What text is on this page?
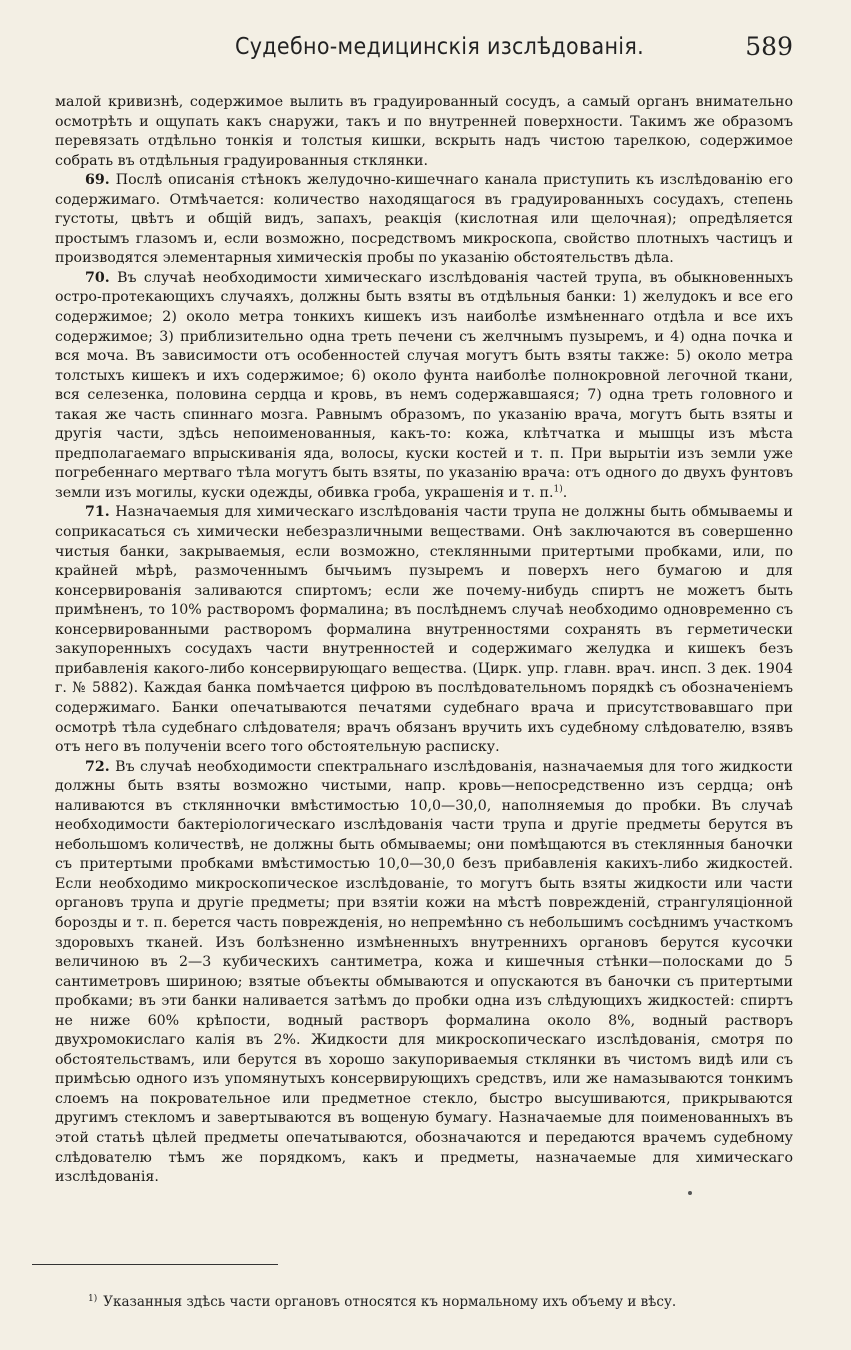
Судебно-медицинскія изслѣдованія.	589

малой кривизнѣ, содержимое вылить въ градуированный сосудъ, а самый органъ внимательно осмотрѣть и ощупать какъ снаружи, такъ и по внутренней поверхности. Такимъ же образомъ перевязать отдѣльно тонкія и толстыя кишки, вскрыть надъ чистою тарелкою, содержимое собрать въ отдѣльныя градуированныя стклянки.

69. Послѣ описанія стѣнокъ желудочно-кишечнаго канала приступить къ изслѣдованію его содержимаго. Отмѣчается: количество находящагося въ градуированныхъ сосудахъ, степень густоты, цвѣтъ и общій видъ, запахъ, реакція (кислотная или щелочная); опредѣляется простымъ глазомъ и, если возможно, посредствомъ микроскопа, свойство плотныхъ частицъ и производятся элементарныя химическія пробы по указанію обстоятельствъ дѣла.

70. Въ случаѣ необходимости химическаго изслѣдованія частей трупа, въ обыкновенныхъ остро-протекающихъ случаяхъ, должны быть взяты въ отдѣльныя банки: 1) желудокъ и все его содержимое; 2) около метра тонкихъ кишекъ изъ наиболѣе измѣненнаго отдѣла и все ихъ содержимое; 3) приблизительно одна треть печени съ желчнымъ пузыремъ, и 4) одна почка и вся моча. Въ зависимости отъ особенностей случая могутъ быть взяты также: 5) около метра толстыхъ кишекъ и ихъ содержимое; 6) около фунта наиболѣе полнокровной легочной ткани, вся селезенка, половина сердца и кровь, въ немъ содержавшаяся; 7) одна треть головного и такая же часть спиннаго мозга. Равнымъ образомъ, по указанію врача, могутъ быть взяты и другія части, здѣсь непоименованныя, какъ-то: кожа, клѣтчатка и мышцы изъ мѣста предполагаемаго впрыскиванія яда, волосы, куски костей и т. п. При вырытіи изъ земли уже погребеннаго мертваго тѣла могутъ быть взяты, по указанію врача: отъ одного до двухъ фунтовъ земли изъ могилы, куски одежды, обивка гроба, украшенія и т. п.$^{1)}$.

71. Назначаемыя для химическаго изслѣдованія части трупа не должны быть обмываемы и соприкасаться съ химически небезразличными веществами. Онѣ заключаются въ совершенно чистыя банки, закрываемыя, если возможно, стеклянными притертыми пробками, или, по крайней мѣрѣ, размоченнымъ бычьимъ пузыремъ и поверхъ него бумагою и для консервированія заливаются спиртомъ; если же почему-нибудь спиртъ не можетъ быть примѣненъ, то 10% растворомъ формалина; въ послѣднемъ случаѣ необходимо одновременно съ консервированными растворомъ формалина внутренностями сохранять въ герметически закупоренныхъ сосудахъ части внутренностей и содержимаго желудка и кишекъ безъ прибавленія какого-либо консервирующаго вещества. (Цирк. упр. главн. врач. инсп. 3 дек. 1904 г. № 5882). Каждая банка помѣчается цифрою въ послѣдовательномъ порядкѣ съ обозначеніемъ содержимаго. Банки опечатываются печатями судебнаго врача и присутствовавшаго при осмотрѣ тѣла судебнаго слѣдователя; врачъ обязанъ вручить ихъ судебному слѣдователю, взявъ отъ него въ полученіи всего того обстоятельную расписку.

72. Въ случаѣ необходимости спектральнаго изслѣдованія, назначаемыя для того жидкости должны быть взяты возможно чистыми, напр. кровь—непосредственно изъ сердца; онѣ наливаются въ стклянночки вмѣстимостью 10,0—30,0, наполняемыя до пробки. Въ случаѣ необходимости бактеріологическаго изслѣдованія части трупа и другіе предметы берутся въ небольшомъ количествѣ, не должны быть обмываемы; они помѣщаются въ стеклянныя баночки съ притертыми пробками вмѣстимостью 10,0—30,0 безъ прибавленія какихъ-либо жидкостей. Если необходимо микроскопическое изслѣдованіе, то могутъ быть взяты жидкости или части органовъ трупа и другіе предметы; при взятіи кожи на мѣстѣ поврежденій, странгуляціонной борозды и т. п. берется часть поврежденія, но непремѣнно съ небольшимъ сосѣднимъ участкомъ здоровыхъ тканей. Изъ болѣзненно измѣненныхъ внутреннихъ органовъ берутся кусочки величиною въ 2—3 кубическихъ сантиметра, кожа и кишечныя стѣнки—полосками до 5 сантиметровъ шириною; взятые объекты обмываются и опускаются въ баночки съ притертыми пробками; въ эти банки наливается затѣмъ до пробки одна изъ слѣдующихъ жидкостей: спиртъ не ниже 60% крѣпости, водный растворъ формалина около 8%, водный растворъ двухромокислаго калія въ 2%. Жидкости для микроскопическаго изслѣдованія, смотря по обстоятельствамъ, или берутся въ хорошо закупориваемыя стклянки въ чистомъ видѣ или съ примѣсью одного изъ упомянутыхъ консервирующихъ средствъ, или же намазываются тонкимъ слоемъ на покровательное или предметное стекло, быстро высушиваются, прикрываются другимъ стекломъ и завертываются въ вощеную бумагу. Назначаемые для поименованныхъ въ этой статьѣ цѣлей предметы опечатываются, обозначаются и передаются врачемъ судебному слѣдователю тѣмъ же порядкомъ, какъ и предметы, назначаемые для химическаго изслѣдованія.

$^{1)}$ Указанныя здѣсь части органовъ относятся къ нормальному ихъ объему и вѣсу.
